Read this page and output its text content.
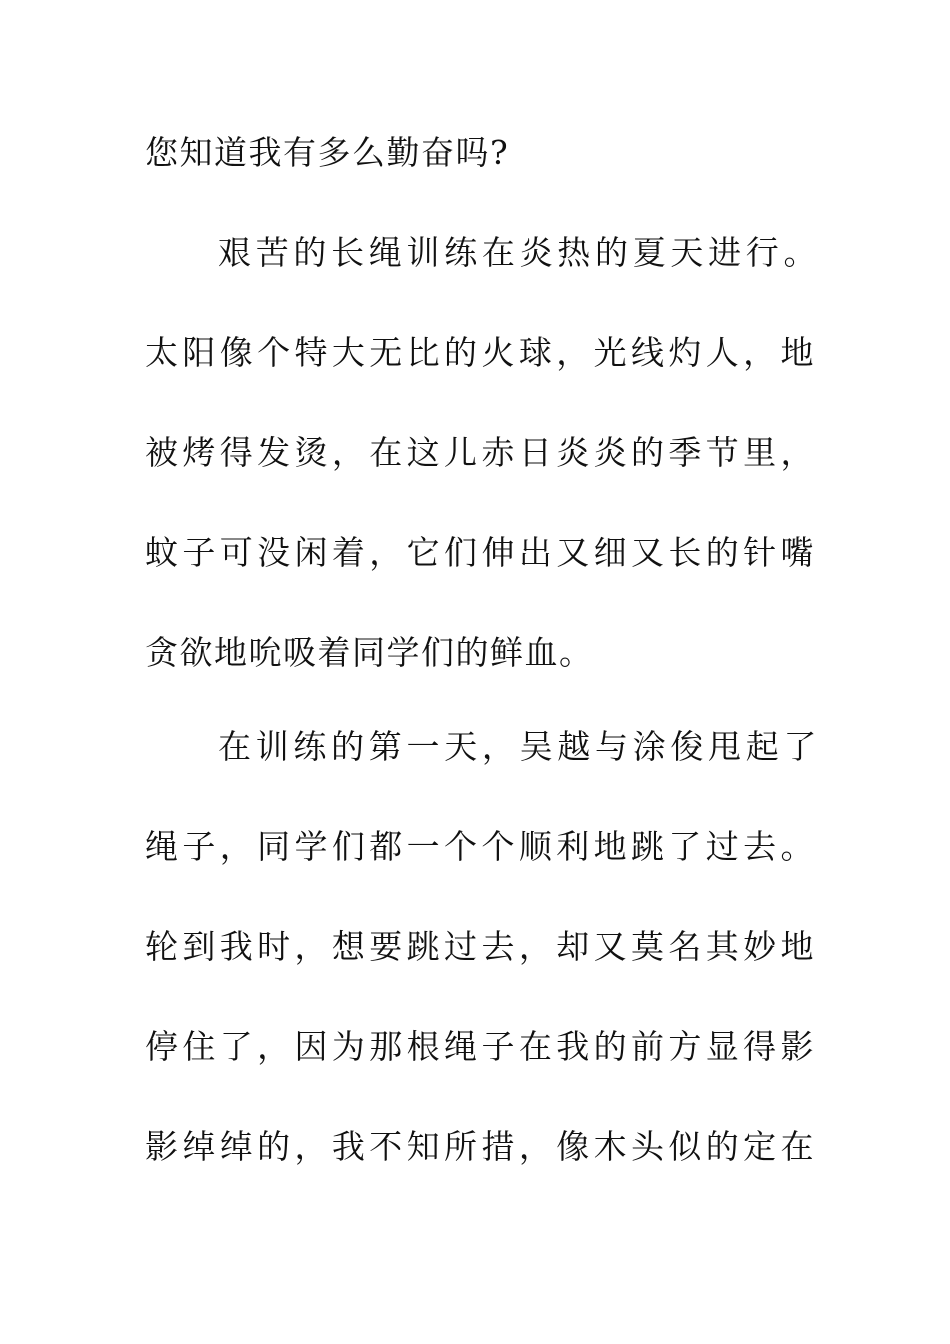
您知道我有多么勤奋吗?
艰苦的长绳训练在炎热的夏天进行。
太阳像个特大无比的火球，光线灼人，地
被烤得发烫，在这儿赤日炎炎的季节里，
蚊子可没闲着，它们伸出又细又长的针嘴
贪欲地吮吸着同学们的鲜血。
在训练的第一天，吴越与涂俊甩起了
绳子，同学们都一个个顺利地跳了过去。
轮到我时，想要跳过去，却又莫名其妙地
停住了，因为那根绳子在我的前方显得影
影绰绰的，我不知所措，像木头似的定在
